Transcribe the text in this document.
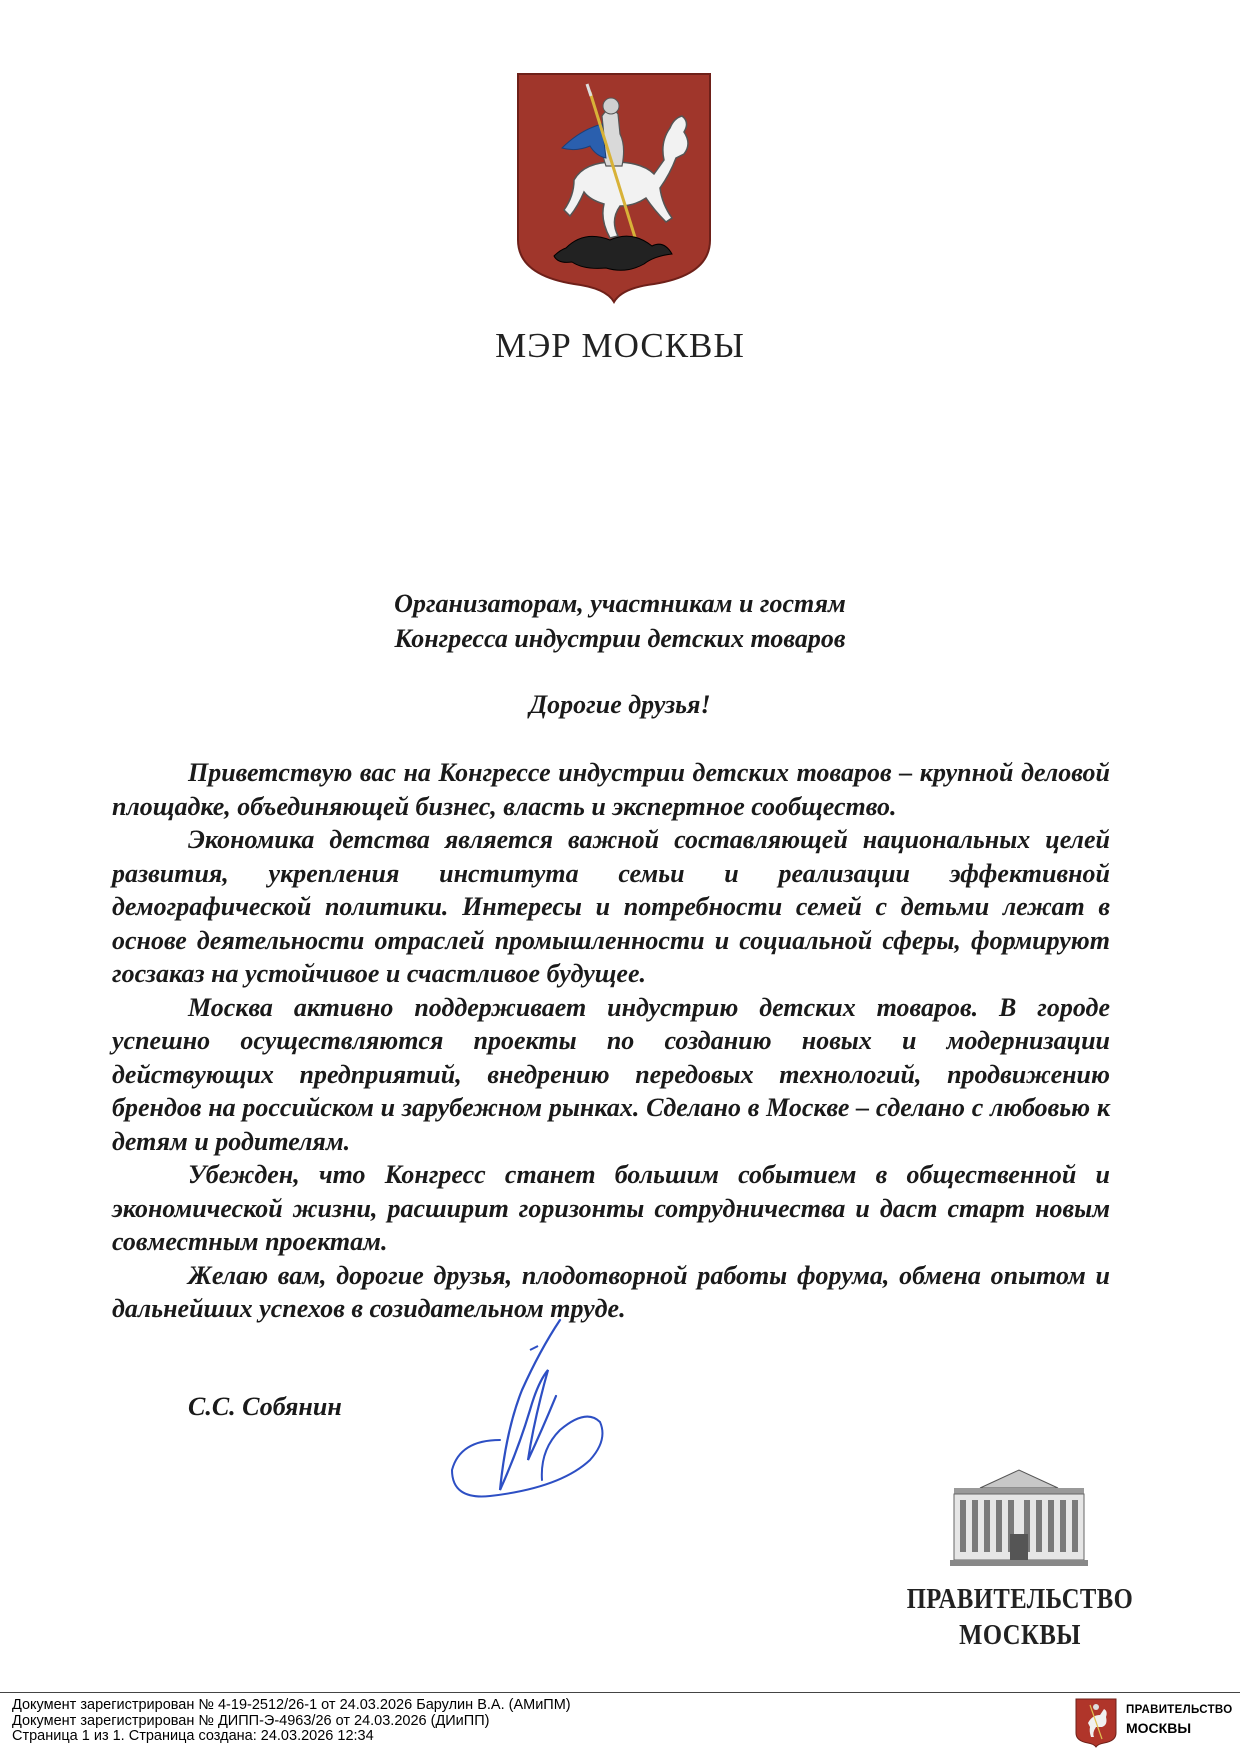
МЭР МОСКВЫ
Организаторам, участникам и гостям
Конгресса индустрии детских товаров
Дорогие друзья!

Приветствую вас на Конгрессе индустрии детских товаров – крупной деловой площадке, объединяющей бизнес, власть и экспертное сообщество.

Экономика детства является важной составляющей национальных целей развития, укрепления института семьи и реализации эффективной демографической политики. Интересы и потребности семей с детьми лежат в основе деятельности отраслей промышленности и социальной сферы, формируют госзаказ на устойчивое и счастливое будущее.

Москва активно поддерживает индустрию детских товаров. В городе успешно осуществляются проекты по созданию новых и модернизации действующих предприятий, внедрению передовых технологий, продвижению брендов на российском и зарубежном рынках. Сделано в Москве – сделано с любовью к детям и родителям.

Убежден, что Конгресс станет большим событием в общественной и экономической жизни, расширит горизонты сотрудничества и даст старт новым совместным проектам.

Желаю вам, дорогие друзья, плодотворной работы форума, обмена опытом и дальнейших успехов в созидательном труде.

С.С. Собянин
ПРАВИТЕЛЬСТВО
МОСКВЫ
Документ зарегистрирован № 4-19-2512/26-1 от 24.03.2026 Барулин В.А. (АМиПМ)
Документ зарегистрирован № ДИПП-Э-4963/26 от 24.03.2026 (ДИиПП)
Страница 1 из 1. Страница создана: 24.03.2026 12:34
ПРАВИТЕЛЬСТВО
МОСКВЫ
